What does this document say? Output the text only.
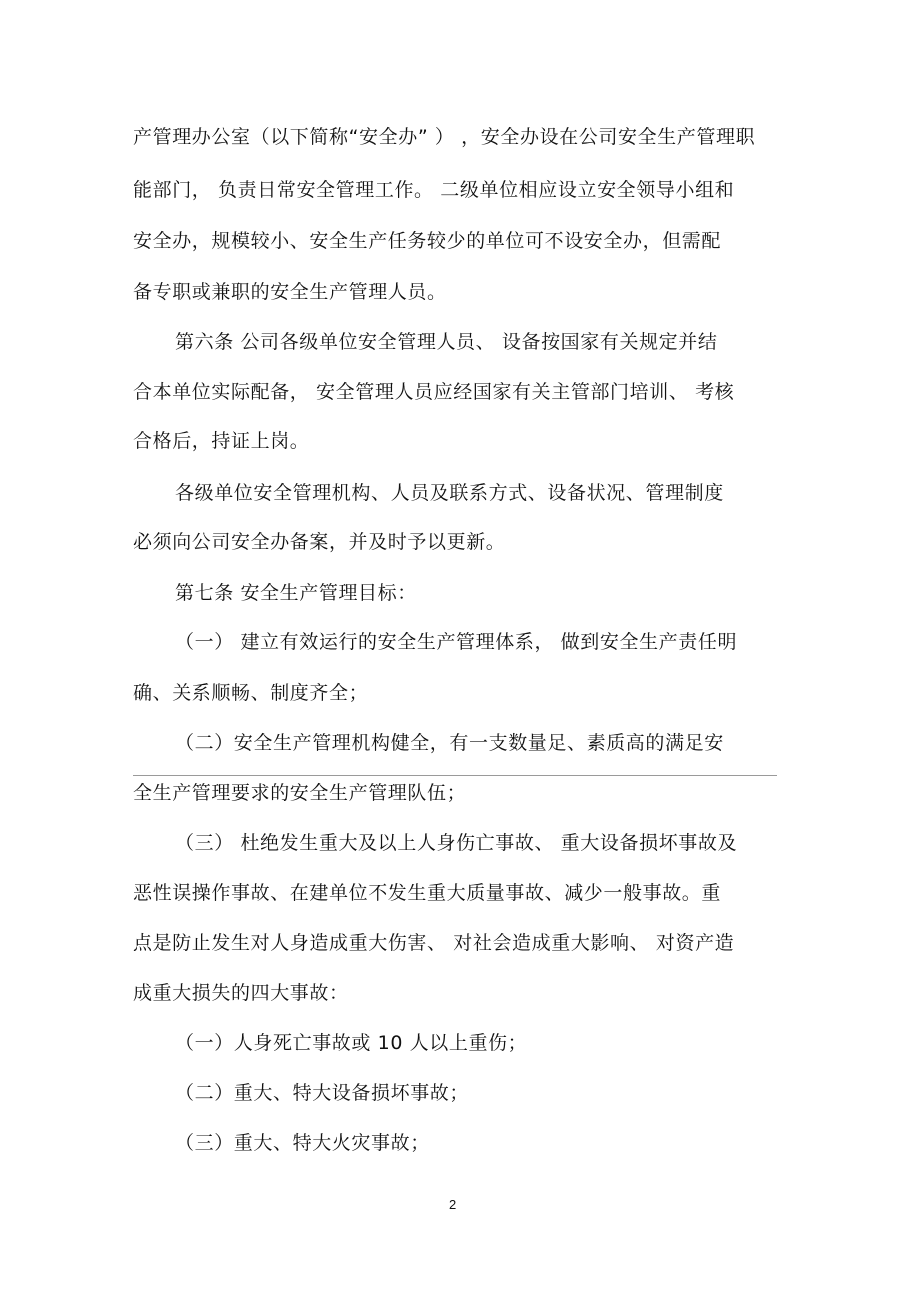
产管理办公室（以下简称“安全办” ） ，安全办设在公司安全生产管理职
能部门， 负责日常安全管理工作。 二级单位相应设立安全领导小组和
安全办，规模较小、安全生产任务较少的单位可不设安全办，但需配
备专职或兼职的安全生产管理人员。
第六条 公司各级单位安全管理人员、 设备按国家有关规定并结
合本单位实际配备， 安全管理人员应经国家有关主管部门培训、 考核
合格后，持证上岗。
各级单位安全管理机构、人员及联系方式、设备状况、管理制度
必须向公司安全办备案，并及时予以更新。
第七条 安全生产管理目标：
（一） 建立有效运行的安全生产管理体系， 做到安全生产责任明
确、关系顺畅、制度齐全；
（二）安全生产管理机构健全，有一支数量足、素质高的满足安
全生产管理要求的安全生产管理队伍；
（三） 杜绝发生重大及以上人身伤亡事故、 重大设备损坏事故及
恶性误操作事故、在建单位不发生重大质量事故、减少一般事故。重
点是防止发生对人身造成重大伤害、 对社会造成重大影响、 对资产造
成重大损失的四大事故：
（一）人身死亡事故或 10 人以上重伤；
（二）重大、特大设备损坏事故；
（三）重大、特大火灾事故；
2
